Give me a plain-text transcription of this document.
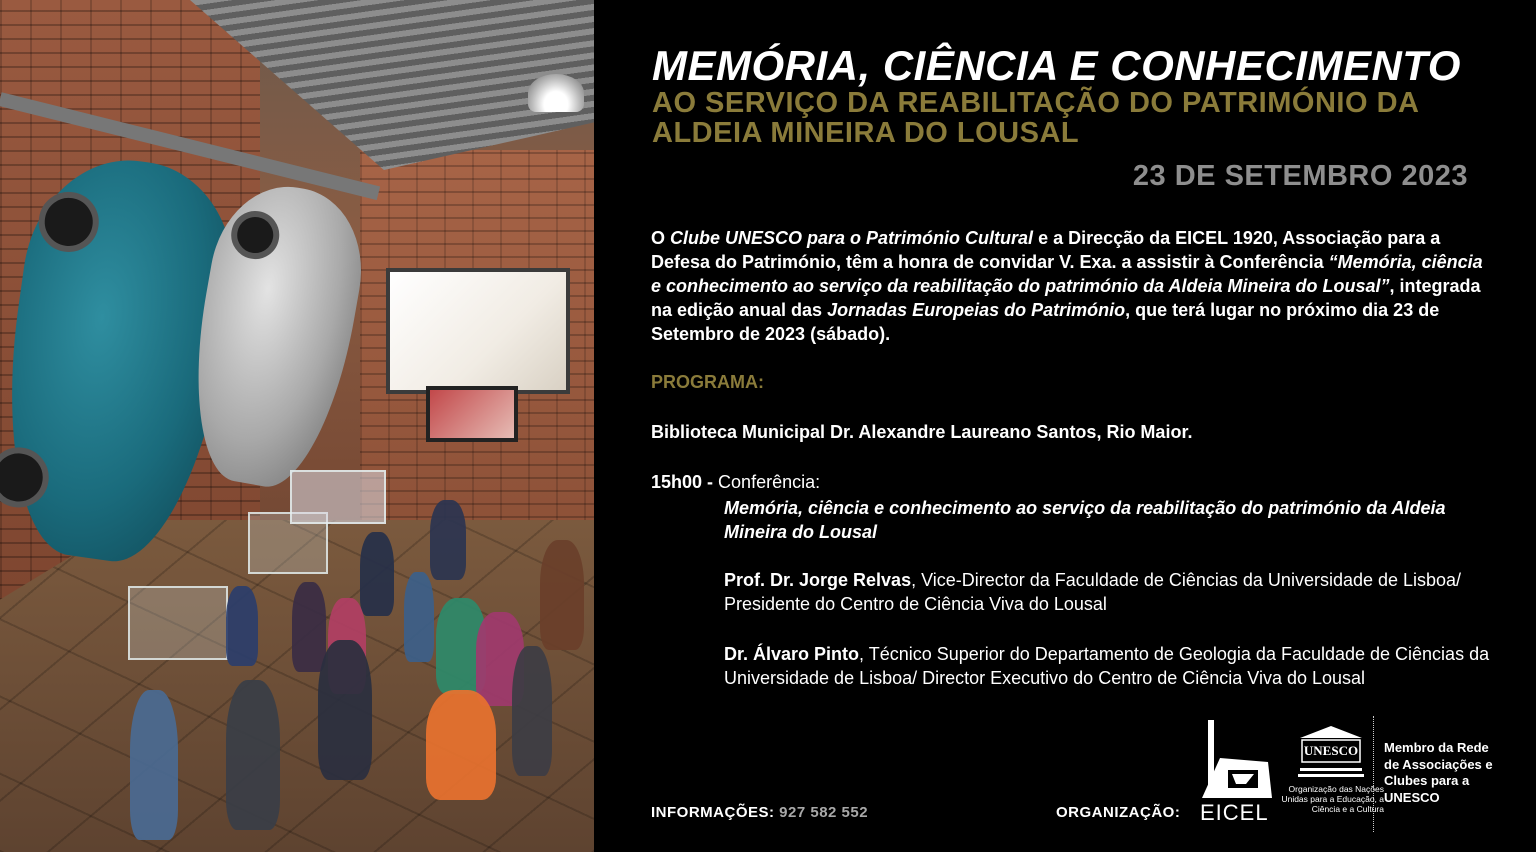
MEMÓRIA, CIÊNCIA E CONHECIMENTO
AO SERVIÇO DA REABILITAÇÃO DO PATRIMÓNIO DA ALDEIA MINEIRA DO LOUSAL
23 DE SETEMBRO 2023

O Clube UNESCO para o Património Cultural e a Direcção da EICEL 1920, Associação para a Defesa do Património, têm a honra de convidar V. Exa. a assistir à Conferência “Memória, ciência e conhecimento ao serviço da reabilitação do património da Aldeia Mineira do Lousal”, integrada na edição anual das Jornadas Europeias do Património, que terá lugar no próximo dia 23 de Setembro de 2023 (sábado).

PROGRAMA:
Biblioteca Municipal Dr. Alexandre Laureano Santos, Rio Maior.
15h00 - Conferência:
Memória, ciência e conhecimento ao serviço da reabilitação do património da Aldeia Mineira do Lousal
Prof. Dr. Jorge Relvas, Vice-Director da Faculdade de Ciências da Universidade de Lisboa/ Presidente do Centro de Ciência Viva do Lousal
Dr. Álvaro Pinto, Técnico Superior do Departamento de Geologia da Faculdade de Ciências da Universidade de Lisboa/ Director Executivo do Centro de Ciência Viva do Lousal
INFORMAÇÕES: 927 582 552	ORGANIZAÇÃO: EICEL
UNESCO
Organização das Nações Unidas para a Educação, a Ciência e a Cultura
Membro da Rede de Associações e Clubes para a UNESCO
